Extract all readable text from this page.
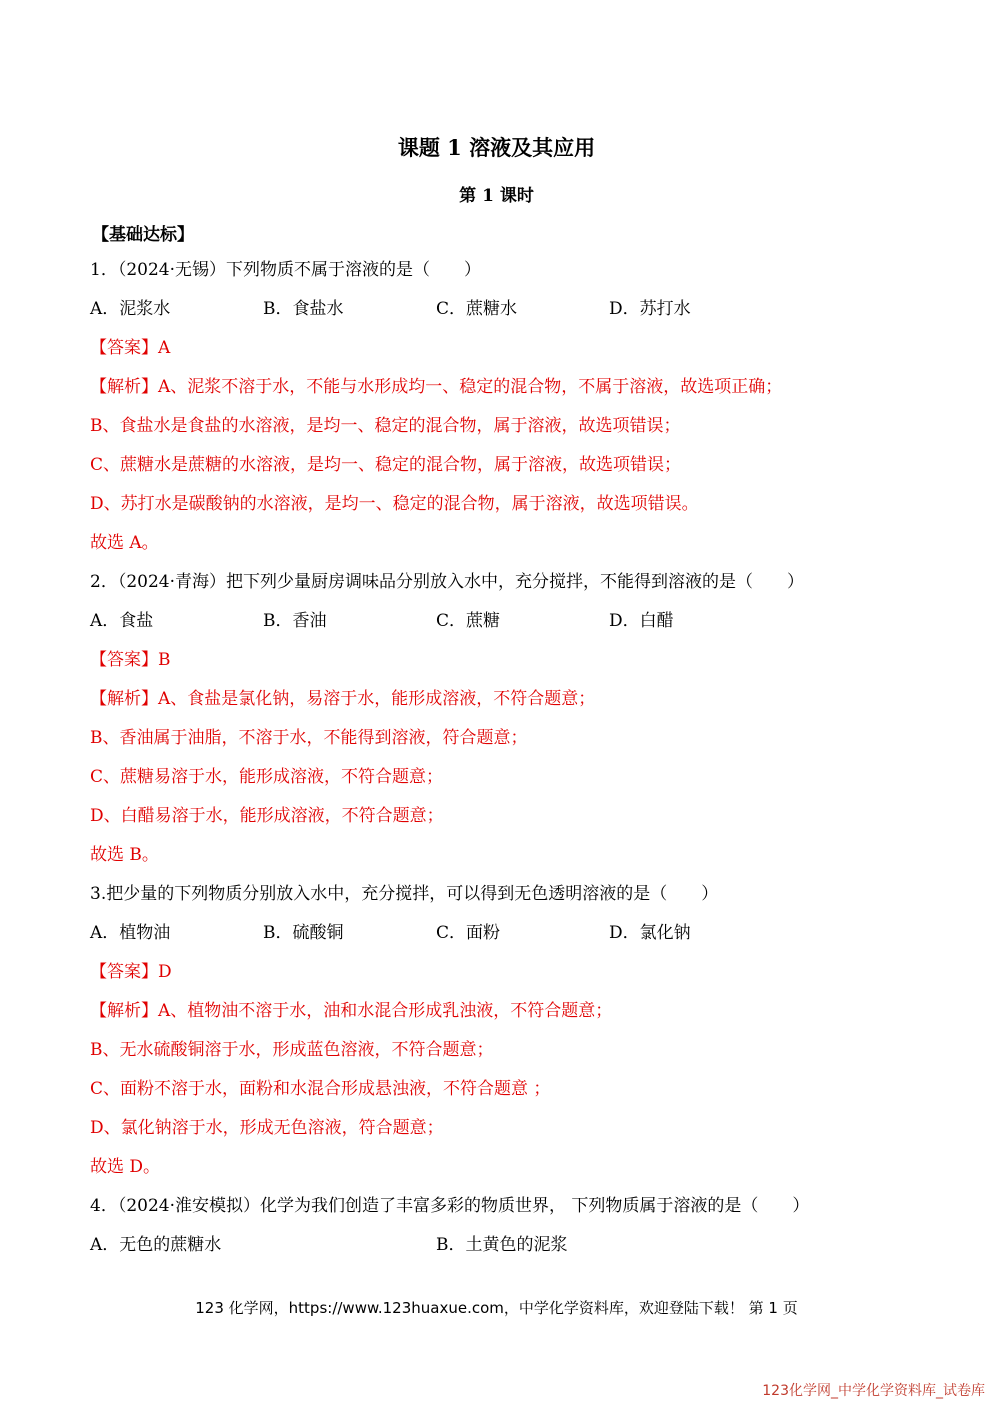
课题 1 溶液及其应用
第 1 课时
【基础达标】
1．（2024·无锡）下列物质不属于溶液的是（　　）
A．泥浆水	B．食盐水	C．蔗糖水	D．苏打水
【答案】A
【解析】A、泥浆不溶于水，不能与水形成均一、稳定的混合物，不属于溶液，故选项正确；
B、食盐水是食盐的水溶液，是均一、稳定的混合物，属于溶液，故选项错误；
C、蔗糖水是蔗糖的水溶液，是均一、稳定的混合物，属于溶液，故选项错误；
D、苏打水是碳酸钠的水溶液，是均一、稳定的混合物，属于溶液，故选项错误。
故选 A。
2．（2024·青海）把下列少量厨房调味品分别放入水中，充分搅拌，不能得到溶液的是（　　）
A．食盐	B．香油	C．蔗糖	D．白醋
【答案】B
【解析】A、食盐是氯化钠，易溶于水，能形成溶液，不符合题意；
B、香油属于油脂，不溶于水，不能得到溶液，符合题意；
C、蔗糖易溶于水，能形成溶液，不符合题意；
D、白醋易溶于水，能形成溶液，不符合题意；
故选 B。
3.把少量的下列物质分别放入水中，充分搅拌，可以得到无色透明溶液的是（　　）
A．植物油	B．硫酸铜	C．面粉	D．氯化钠
【答案】D
【解析】A、植物油不溶于水，油和水混合形成乳浊液，不符合题意；
B、无水硫酸铜溶于水，形成蓝色溶液，不符合题意；
C、面粉不溶于水，面粉和水混合形成悬浊液，不符合题意 ；
D、氯化钠溶于水，形成无色溶液，符合题意；
故选 D。
4．（2024·淮安模拟）化学为我们创造了丰富多彩的物质世界， 下列物质属于溶液的是（　　）
A．无色的蔗糖水	B．土黄色的泥浆
123 化学网，https://www.123huaxue.com，中学化学资料库，欢迎登陆下载！ 第 1 页
123化学网_中学化学资料库_试卷库
